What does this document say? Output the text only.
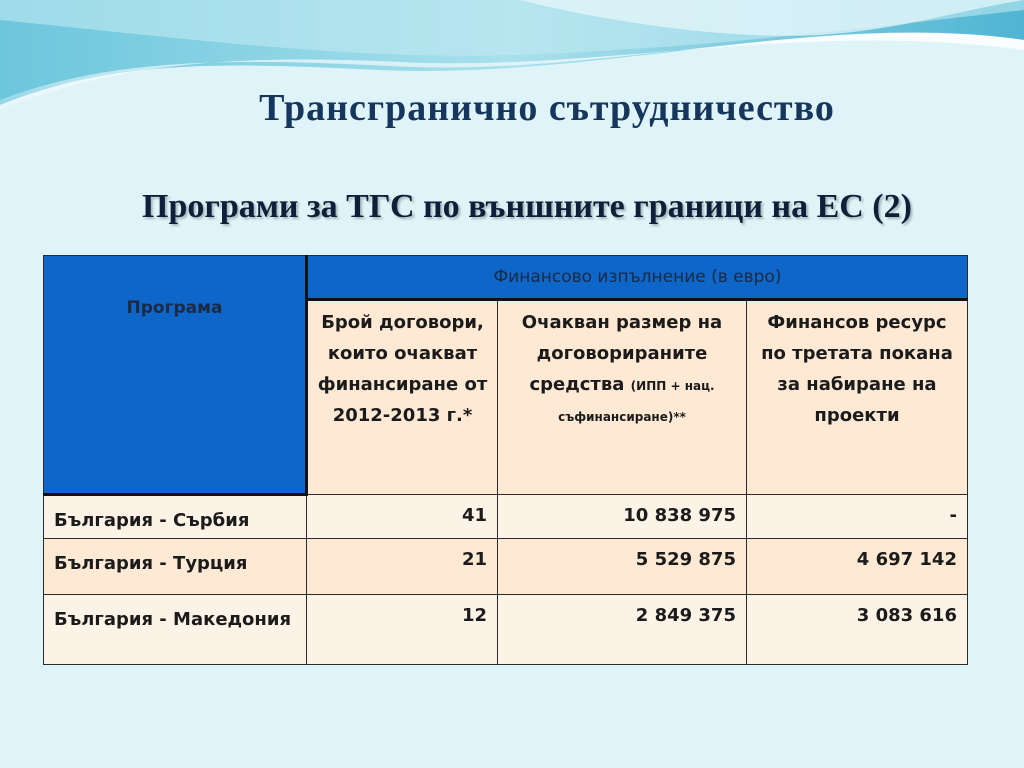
Трансгранично сътрудничество
Програми за ТГС по външните граници на ЕС (2)
Програма	Финансово изпълнение (в евро)		
	Брой договори, които очакват финансиране от 2012-2013 г.*	Очакван размер на договорираните средства (ИПП + нац. съфинансиране)**	Финансов ресурс по третата покана за набиране на проекти
България - Сърбия	41	10 838 975	-
България - Турция	21	5 529 875	4 697 142
България - Македония	12	2 849 375	3 083 616
